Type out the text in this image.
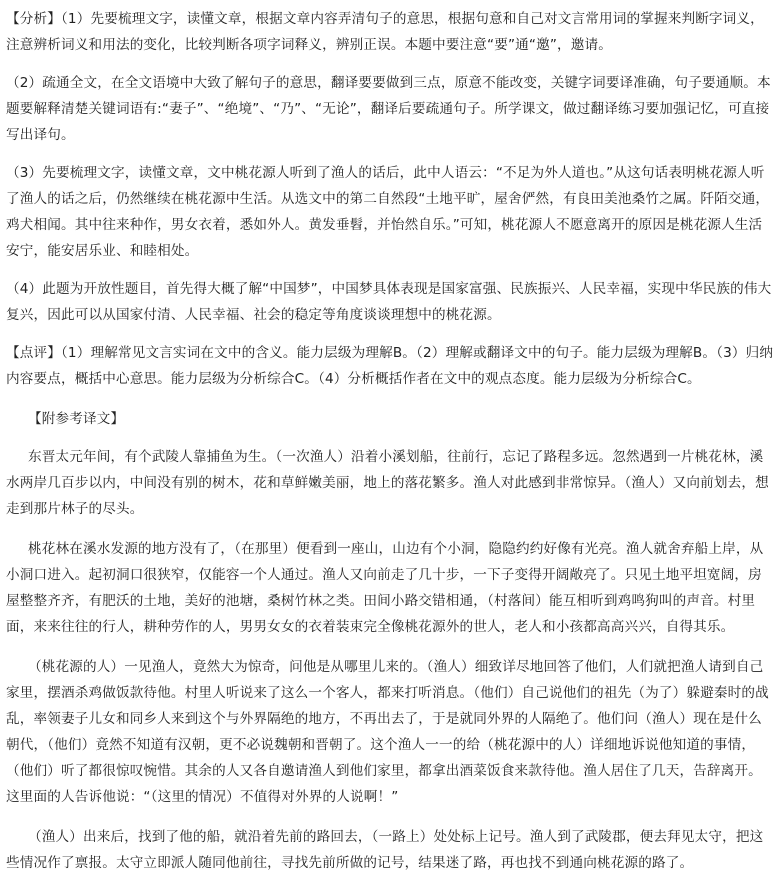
【分析】（1）先要梳理文字，读懂文章，根据文章内容弄清句子的意思，根据句意和自己对文言常用词的掌握来判断字词义，注意辨析词义和用法的变化，比较判断各项字词释义，辨别正误。本题中要注意“要”通“邀”，邀请。
（2）疏通全文，在全文语境中大致了解句子的意思，翻译要要做到三点，原意不能改变，关键字词要译准确，句子要通顺。本题要解释清楚关键词语有:“妻子”、“绝境”、“乃”、“无论”，翻译后要疏通句子。所学课文，做过翻译练习要加强记忆，可直接写出译句。
（3）先要梳理文字，读懂文章，文中桃花源人听到了渔人的话后，此中人语云：“不足为外人道也。”从这句话表明桃花源人听了渔人的话之后，仍然继续在桃花源中生活。从选文中的第二自然段“土地平旷，屋舍俨然，有良田美池桑竹之属。阡陌交通，鸡犬相闻。其中往来种作，男女衣着，悉如外人。黄发垂髫，并怡然自乐。”可知，桃花源人不愿意离开的原因是桃花源人生活安宁，能安居乐业、和睦相处。
（4）此题为开放性题目，首先得大概了解“中国梦”，中国梦具体表现是国家富强、民族振兴、人民幸福，实现中华民族的伟大复兴，因此可以从国家付清、人民幸福、社会的稳定等角度谈谈理想中的桃花源。
【点评】（1）理解常见文言实词在文中的含义。能力层级为理解B。（2）理解或翻译文中的句子。能力层级为理解B。（3）归纳内容要点，概括中心意思。能力层级为分析综合C。（4）分析概括作者在文中的观点态度。能力层级为分析综合C。
【附参考译文】
东晋太元年间，有个武陵人靠捕鱼为生。（一次渔人）沿着小溪划船，往前行，忘记了路程多远。忽然遇到一片桃花林，溪水两岸几百步以内，中间没有别的树木，花和草鲜嫩美丽，地上的落花繁多。渔人对此感到非常惊异。（渔人）又向前划去，想走到那片林子的尽头。
桃花林在溪水发源的地方没有了，（在那里）便看到一座山，山边有个小洞，隐隐约约好像有光亮。渔人就舍弃船上岸，从小洞口进入。起初洞口很狭窄，仅能容一个人通过。渔人又向前走了几十步，一下子变得开阔敞亮了。只见土地平坦宽阔，房屋整整齐齐，有肥沃的土地，美好的池塘，桑树竹林之类。田间小路交错相通，（村落间）能互相听到鸡鸣狗叫的声音。村里面，来来往往的行人，耕种劳作的人，男男女女的衣着装束完全像桃花源外的世人，老人和小孩都高高兴兴，自得其乐。
（桃花源的人）一见渔人，竟然大为惊奇，问他是从哪里儿来的。（渔人）细致详尽地回答了他们，人们就把渔人请到自己家里，摆酒杀鸡做饭款待他。村里人听说来了这么一个客人，都来打听消息。（他们）自己说他们的祖先（为了）躲避秦时的战乱，率领妻子儿女和同乡人来到这个与外界隔绝的地方，不再出去了，于是就同外界的人隔绝了。他们问（渔人）现在是什么朝代，（他们）竟然不知道有汉朝，更不必说魏朝和晋朝了。这个渔人一一的给（桃花源中的人）详细地诉说他知道的事情，（他们）听了都很惊叹惋惜。其余的人又各自邀请渔人到他们家里，都拿出酒菜饭食来款待他。渔人居住了几天，告辞离开。这里面的人告诉他说：“（这里的情况）不值得对外界的人说啊！”
（渔人）出来后，找到了他的船，就沿着先前的路回去，（一路上）处处标上记号。渔人到了武陵郡，便去拜见太守，把这些情况作了禀报。太守立即派人随同他前往，寻找先前所做的记号，结果迷了路，再也找不到通向桃花源的路了。
